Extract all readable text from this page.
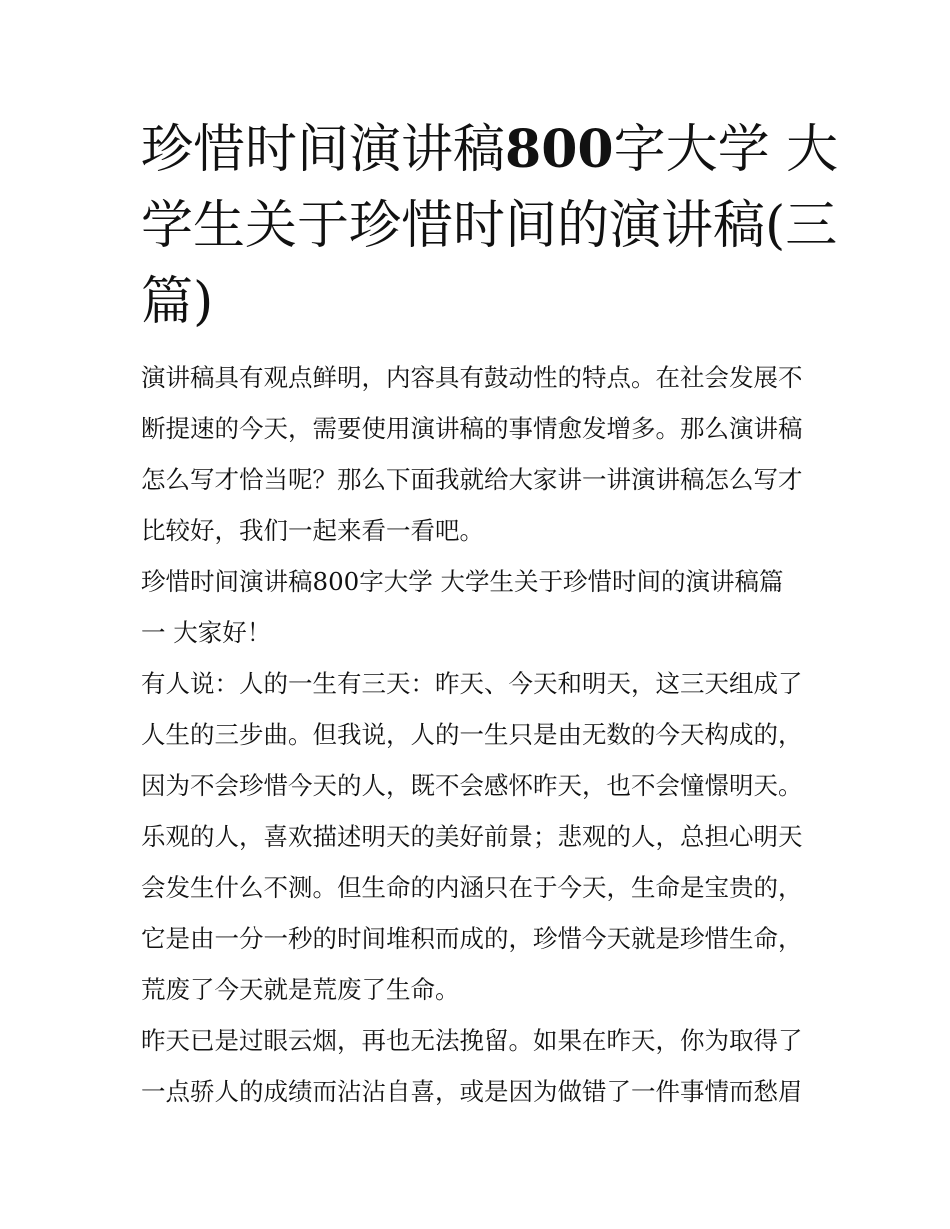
珍惜时间演讲稿800字大学 大
学生关于珍惜时间的演讲稿(三
篇)
演讲稿具有观点鲜明，内容具有鼓动性的特点。在社会发展不
断提速的今天，需要使用演讲稿的事情愈发增多。那么演讲稿
怎么写才恰当呢？那么下面我就给大家讲一讲演讲稿怎么写才
比较好，我们一起来看一看吧。
珍惜时间演讲稿800字大学 大学生关于珍惜时间的演讲稿篇
一 大家好！
有人说：人的一生有三天：昨天、今天和明天，这三天组成了
人生的三步曲。但我说，人的一生只是由无数的今天构成的，
因为不会珍惜今天的人，既不会感怀昨天，也不会憧憬明天。
乐观的人，喜欢描述明天的美好前景；悲观的人，总担心明天
会发生什么不测。但生命的内涵只在于今天，生命是宝贵的，
它是由一分一秒的时间堆积而成的，珍惜今天就是珍惜生命，
荒废了今天就是荒废了生命。
昨天已是过眼云烟，再也无法挽留。如果在昨天，你为取得了
一点骄人的成绩而沾沾自喜，或是因为做错了一件事情而愁眉
